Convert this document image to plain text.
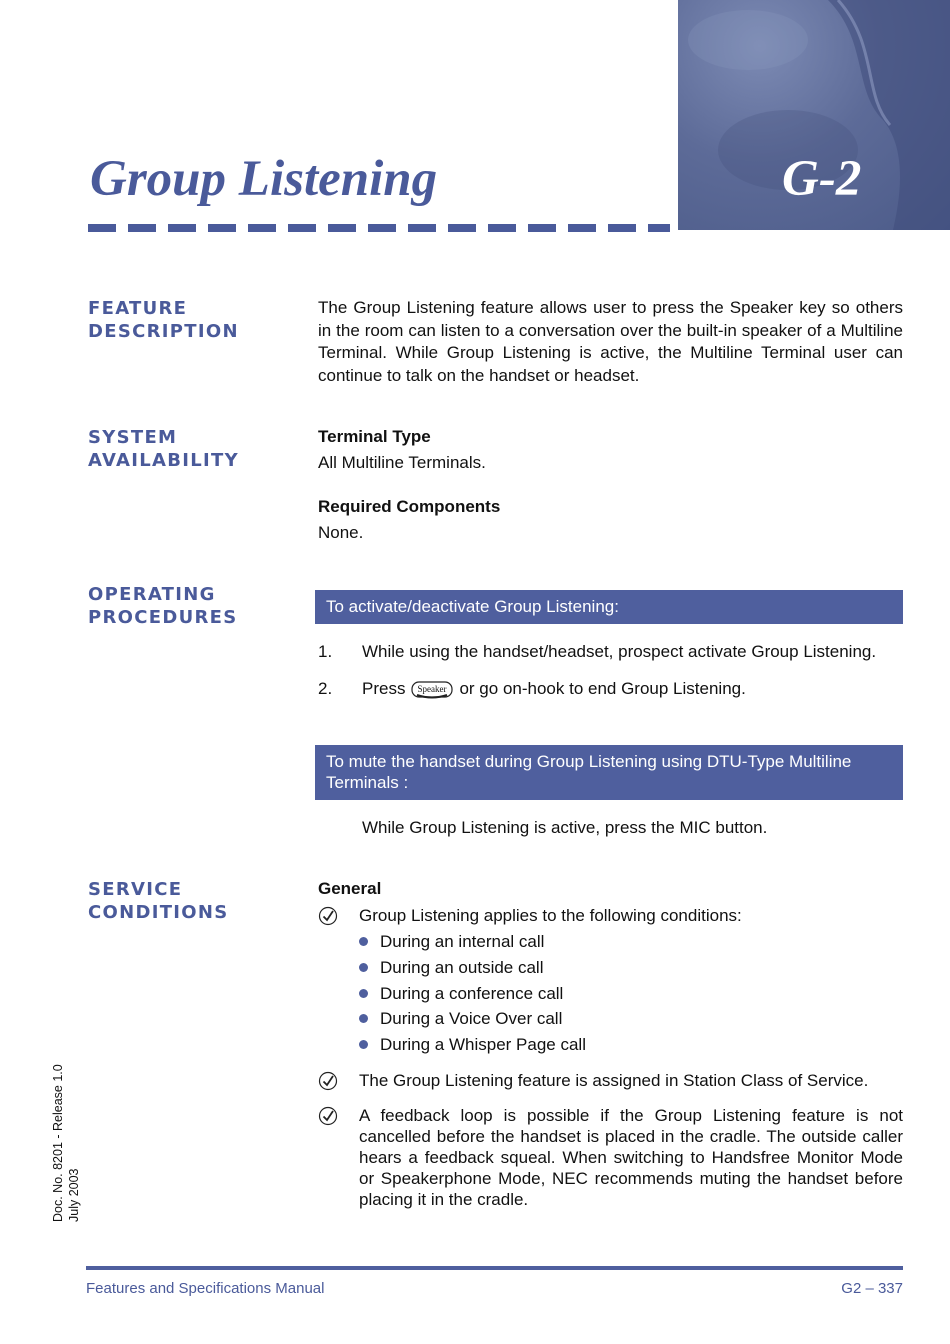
Group Listening	G-2
FEATURE
DESCRIPTION
The Group Listening feature allows user to press the Speaker key so others in the room can listen to a conversation over the built-in speaker of a Multiline Terminal. While Group Listening is active, the Multiline Terminal user can continue to talk on the handset or headset.
SYSTEM
AVAILABILITY
Terminal Type
All Multiline Terminals.
Required Components
None.
OPERATING
PROCEDURES
To activate/deactivate Group Listening:
1. While using the handset/headset, prospect activate Group Listening.
2. Press Speaker or go on-hook to end Group Listening.
To mute the handset during Group Listening using DTU-Type Multiline Terminals :
While Group Listening is active, press the MIC button.
SERVICE
CONDITIONS
General
Group Listening applies to the following conditions:
During an internal call
During an outside call
During a conference call
During a Voice Over call
During a Whisper Page call
The Group Listening feature is assigned in Station Class of Service.
A feedback loop is possible if the Group Listening feature is not cancelled before the handset is placed in the cradle. The outside caller hears a feedback squeal. When switching to Handsfree Monitor Mode or Speakerphone Mode, NEC recommends muting the handset before placing it in the cradle.
Doc. No. 8201 - Release 1.0 July 2003
Features and Specifications Manual	G2 – 337
